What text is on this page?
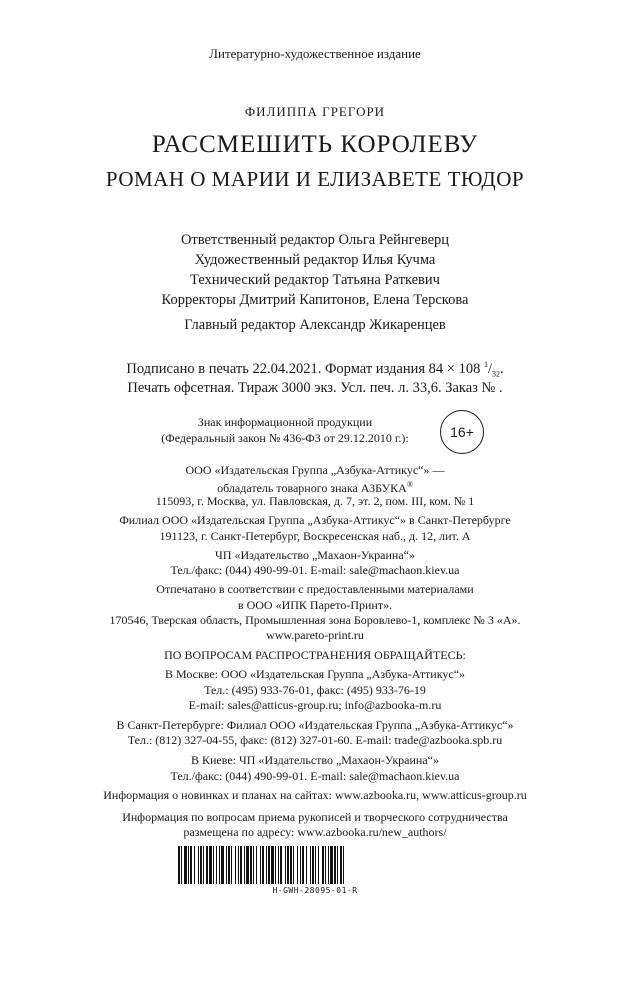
Литературно-художественное издание
ФИЛИППА ГРЕГОРИ
РАССМЕШИТЬ КОРОЛЕВУ
РОМАН О МАРИИ И ЕЛИЗАВЕТЕ ТЮДОР
Ответственный редактор Ольга Рейнгеверц
Художественный редактор Илья Кучма
Технический редактор Татьяна Раткевич
Корректоры Дмитрий Капитонов, Елена Терскова
Главный редактор Александр Жикаренцев
Подписано в печать 22.04.2021. Формат издания 84 × 108 $^1/_{32}$.
Печать офсетная. Тираж 3000 экз. Усл. печ. л. 33,6. Заказ № .
Знак информационной продукции
(Федеральный закон № 436-ФЗ от 29.12.2010 г.):	16+
ООО «Издательская Группа „Азбука-Аттикус“» —
обладатель товарного знака АЗБУКА®
115093, г. Москва, ул. Павловская, д. 7, эт. 2, пом. III, ком. № 1
Филиал ООО «Издательская Группа „Азбука-Аттикус“» в Санкт-Петербурге
191123, г. Санкт-Петербург, Воскресенская наб., д. 12, лит. А
ЧП «Издательство „Махаон-Украина“»
Тел./факс: (044) 490-99-01. E-mail: sale@machaon.kiev.ua
Отпечатано в соответствии с предоставленными материалами
в ООО «ИПК Парето-Принт».
170546, Тверская область, Промышленная зона Боровлево-1, комплекс № 3 «А».
www.pareto-print.ru
ПО ВОПРОСАМ РАСПРОСТРАНЕНИЯ ОБРАЩАЙТЕСЬ:
В Москве: ООО «Издательская Группа „Азбука-Аттикус“»
Тел.: (495) 933-76-01, факс: (495) 933-76-19
E-mail: sales@atticus-group.ru; info@azbooka-m.ru
В Санкт-Петербурге: Филиал ООО «Издательская Группа „Азбука-Аттикус“»
Тел.: (812) 327-04-55, факс: (812) 327-01-60. E-mail: trade@azbooka.spb.ru
В Киеве: ЧП «Издательство „Махаон-Украина“»
Тел./факс: (044) 490-99-01. E-mail: sale@machaon.kiev.ua
Информация о новинках и планах на сайтах: www.azbooka.ru, www.atticus-group.ru
Информация по вопросам приема рукописей и творческого сотрудничества
размещена по адресу: www.azbooka.ru/new_authors/
H-GWH-28095-01-R
